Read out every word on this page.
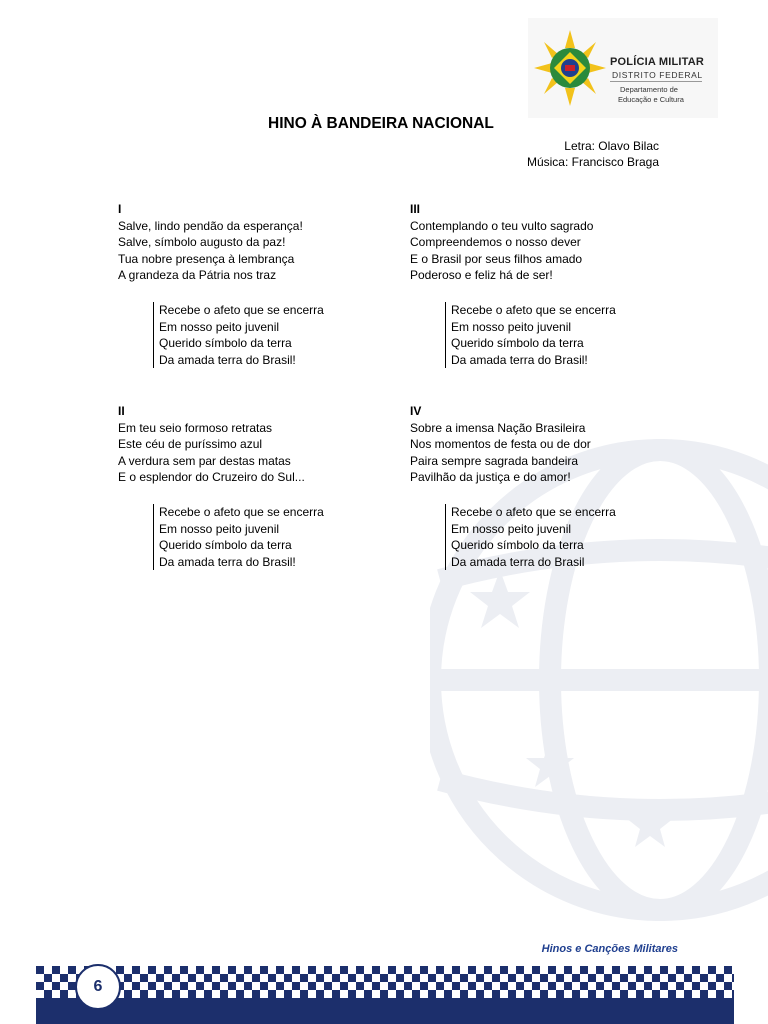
POLÍCIA MILITAR
DISTRITO FEDERAL
Departamento de
Educação e Cultura
HINO À BANDEIRA NACIONAL
Letra: Olavo Bilac
Música: Francisco Braga
I
Salve, lindo pendão da esperança!
Salve, símbolo augusto da paz!
Tua nobre presença à lembrança
A grandeza da Pátria nos traz
Recebe o afeto que se encerra
Em nosso peito juvenil
Querido símbolo da terra
Da amada terra do Brasil!
II
Em teu seio formoso retratas
Este céu de puríssimo azul
A verdura sem par destas matas
E o esplendor do Cruzeiro do Sul...
Recebe o afeto que se encerra
Em nosso peito juvenil
Querido símbolo da terra
Da amada terra do Brasil!
III
Contemplando o teu vulto sagrado
Compreendemos o nosso dever
E o Brasil por seus filhos amado
Poderoso e feliz há de ser!
Recebe o afeto que se encerra
Em nosso peito juvenil
Querido símbolo da terra
Da amada terra do Brasil!
IV
Sobre a imensa Nação Brasileira
Nos momentos de festa ou de dor
Paira sempre sagrada bandeira
Pavilhão da justiça e do amor!
Recebe o afeto que se encerra
Em nosso peito juvenil
Querido símbolo da terra
Da amada terra do Brasil
Hinos e Canções Militares
6
